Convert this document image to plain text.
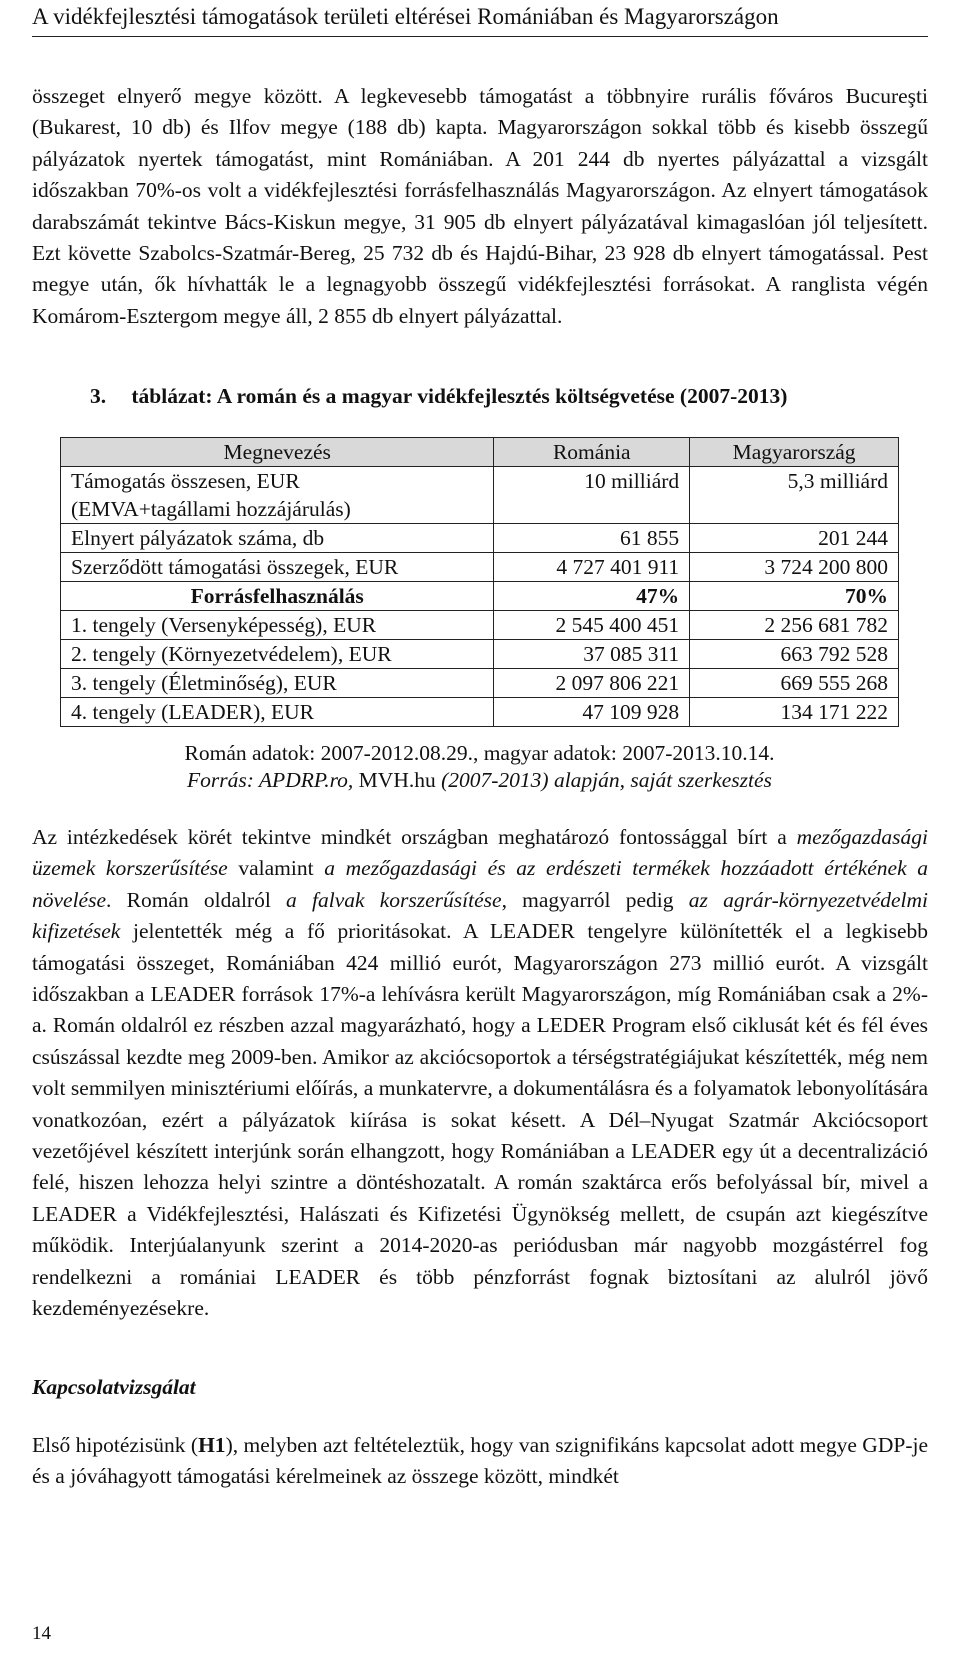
A vidékfejlesztési támogatások területi eltérései Romániában és Magyarországon

összeget elnyerő megye között. A legkevesebb támogatást a többnyire rurális főváros Bucureşti (Bukarest, 10 db) és Ilfov megye (188 db) kapta. Magyarországon sokkal több és kisebb összegű pályázatok nyertek támogatást, mint Romániában. A 201 244 db nyertes pályázattal a vizsgált időszakban 70%-os volt a vidékfejlesztési forrásfelhasználás Magyarországon. Az elnyert támogatások darabszámát tekintve Bács-Kiskun megye, 31 905 db elnyert pályázatával kimagaslóan jól teljesített. Ezt követte Szabolcs-Szatmár-Bereg, 25 732 db és Hajdú-Bihar, 23 928 db elnyert támogatással. Pest megye után, ők hívhatták le a legnagyobb összegű vidékfejlesztési forrásokat. A ranglista végén Komárom-Esztergom megye áll, 2 855 db elnyert pályázattal.

3. táblázat: A román és a magyar vidékfejlesztés költségvetése (2007-2013)
Megnevezés	Románia	Magyarország

Támogatás összesen, EUR
(EMVA+tagállami hozzájárulás)	10 milliárd	5,3 milliárd
Elnyert pályázatok száma, db	61 855	201 244
Szerződött támogatási összegek, EUR	4 727 401 911	3 724 200 800
Forrásfelhasználás	47%	70%
1. tengely (Versenyképesség), EUR	2 545 400 451	2 256 681 782
2. tengely (Környezetvédelem), EUR	37 085 311	663 792 528
3. tengely (Életminőség), EUR	2 097 806 221	669 555 268
4. tengely (LEADER), EUR	47 109 928	134 171 222
Román adatok: 2007-2012.08.29., magyar adatok: 2007-2013.10.14.
Forrás: APDRP.ro, MVH.hu (2007-2013) alapján, saját szerkesztés

Az intézkedések körét tekintve mindkét országban meghatározó fontossággal bírt a mezőgazdasági üzemek korszerűsítése valamint a mezőgazdasági és az erdészeti termékek hozzáadott értékének a növelése. Román oldalról a falvak korszerűsítése, magyarról pedig az agrár-környezetvédelmi kifizetések jelentették még a fő prioritásokat. A LEADER tengelyre különítették el a legkisebb támogatási összeget, Romániában 424 millió eurót, Magyarországon 273 millió eurót. A vizsgált időszakban a LEADER források 17%-a lehívásra került Magyarországon, míg Romániában csak a 2%-a. Román oldalról ez részben azzal magyarázható, hogy a LEDER Program első ciklusát két és fél éves csúszással kezdte meg 2009-ben. Amikor az akciócsoportok a térségstratégiájukat készítették, még nem volt semmilyen minisztériumi előírás, a munkatervre, a dokumentálásra és a folyamatok lebonyolítására vonatkozóan, ezért a pályázatok kiírása is sokat késett. A Dél–Nyugat Szatmár Akciócsoport vezetőjével készített interjúnk során elhangzott, hogy Romániában a LEADER egy út a decentralizáció felé, hiszen lehozza helyi szintre a döntéshozatalt. A román szaktárca erős befolyással bír, mivel a LEADER a Vidékfejlesztési, Halászati és Kifizetési Ügynökség mellett, de csupán azt kiegészítve működik. Interjúalanyunk szerint a 2014-2020-as periódusban már nagyobb mozgástérrel fog rendelkezni a romániai LEADER és több pénzforrást fognak biztosítani az alulról jövő kezdeményezésekre.

Kapcsolatvizsgálat

Első hipotézisünk (H1), melyben azt feltételeztük, hogy van szignifikáns kapcsolat adott megye GDP-je és a jóváhagyott támogatási kérelmeinek az összege között, mindkét

14
